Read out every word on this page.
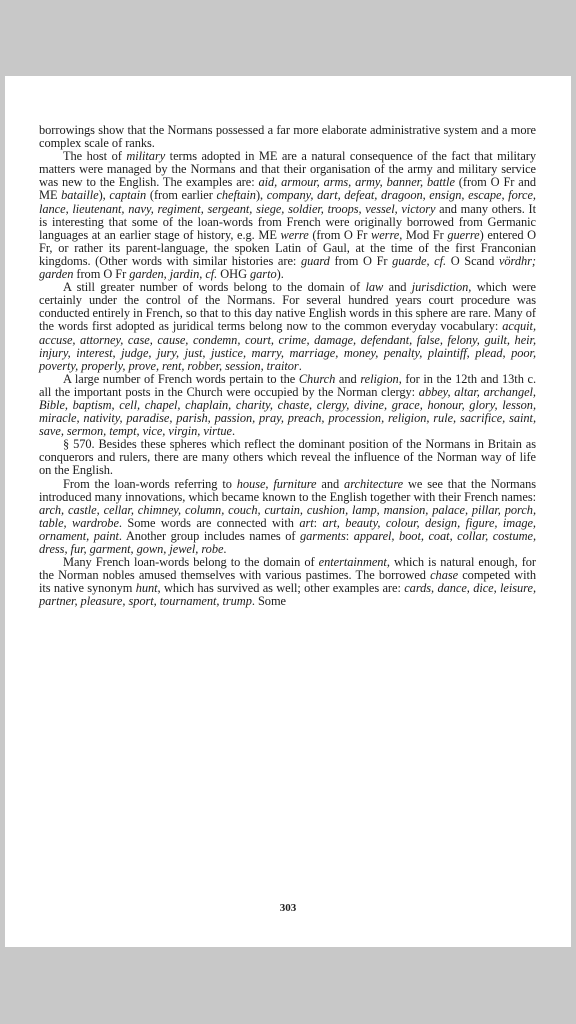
borrowings show that the Normans possessed a far more elaborate administrative system and a more complex scale of ranks.

The host of military terms adopted in ME are a natural consequence of the fact that military matters were managed by the Normans and that their organisation of the army and military service was new to the English. The examples are: aid, armour, arms, army, banner, battle (from O Fr and ME bataille), captain (from earlier cheftain), company, dart, defeat, dragoon, ensign, escape, force, lance, lieutenant, navy, regiment, sergeant, siege, soldier, troops, vessel, victory and many others. It is interesting that some of the loan-words from French were originally borrowed from Germanic languages at an earlier stage of history, e.g. ME werre (from O Fr werre, Mod Fr guerre) entered O Fr, or rather its parent-language, the spoken Latin of Gaul, at the time of the first Franconian kingdoms. (Other words with similar histories are: guard from O Fr guarde, cf. O Scand vördhr; garden from O Fr garden, jardin, cf. OHG garto).

A still greater number of words belong to the domain of law and jurisdiction, which were certainly under the control of the Normans. For several hundred years court procedure was conducted entirely in French, so that to this day native English words in this sphere are rare. Many of the words first adopted as juridical terms belong now to the common everyday vocabulary: acquit, accuse, attorney, case, cause, condemn, court, crime, damage, defendant, false, felony, guilt, heir, injury, interest, judge, jury, just, justice, marry, marriage, money, penalty, plaintiff, plead, poor, poverty, properly, prove, rent, robber, session, traitor.

A large number of French words pertain to the Church and religion, for in the 12th and 13th c. all the important posts in the Church were occupied by the Norman clergy: abbey, altar, archangel, Bible, baptism, cell, chapel, chaplain, charity, chaste, clergy, divine, grace, honour, glory, lesson, miracle, nativity, paradise, parish, passion, pray, preach, procession, religion, rule, sacrifice, saint, save, sermon, tempt, vice, virgin, virtue.

§ 570. Besides these spheres which reflect the dominant position of the Normans in Britain as conquerors and rulers, there are many others which reveal the influence of the Norman way of life on the English.

From the loan-words referring to house, furniture and architecture we see that the Normans introduced many innovations, which became known to the English together with their French names: arch, castle, cellar, chimney, column, couch, curtain, cushion, lamp, mansion, palace, pillar, porch, table, wardrobe. Some words are connected with art: art, beauty, colour, design, figure, image, ornament, paint. Another group includes names of garments: apparel, boot, coat, collar, costume, dress, fur, garment, gown, jewel, robe.

Many French loan-words belong to the domain of entertainment, which is natural enough, for the Norman nobles amused themselves with various pastimes. The borrowed chase competed with its native synonym hunt, which has survived as well; other examples are: cards, dance, dice, leisure, partner, pleasure, sport, tournament, trump. Some

303
